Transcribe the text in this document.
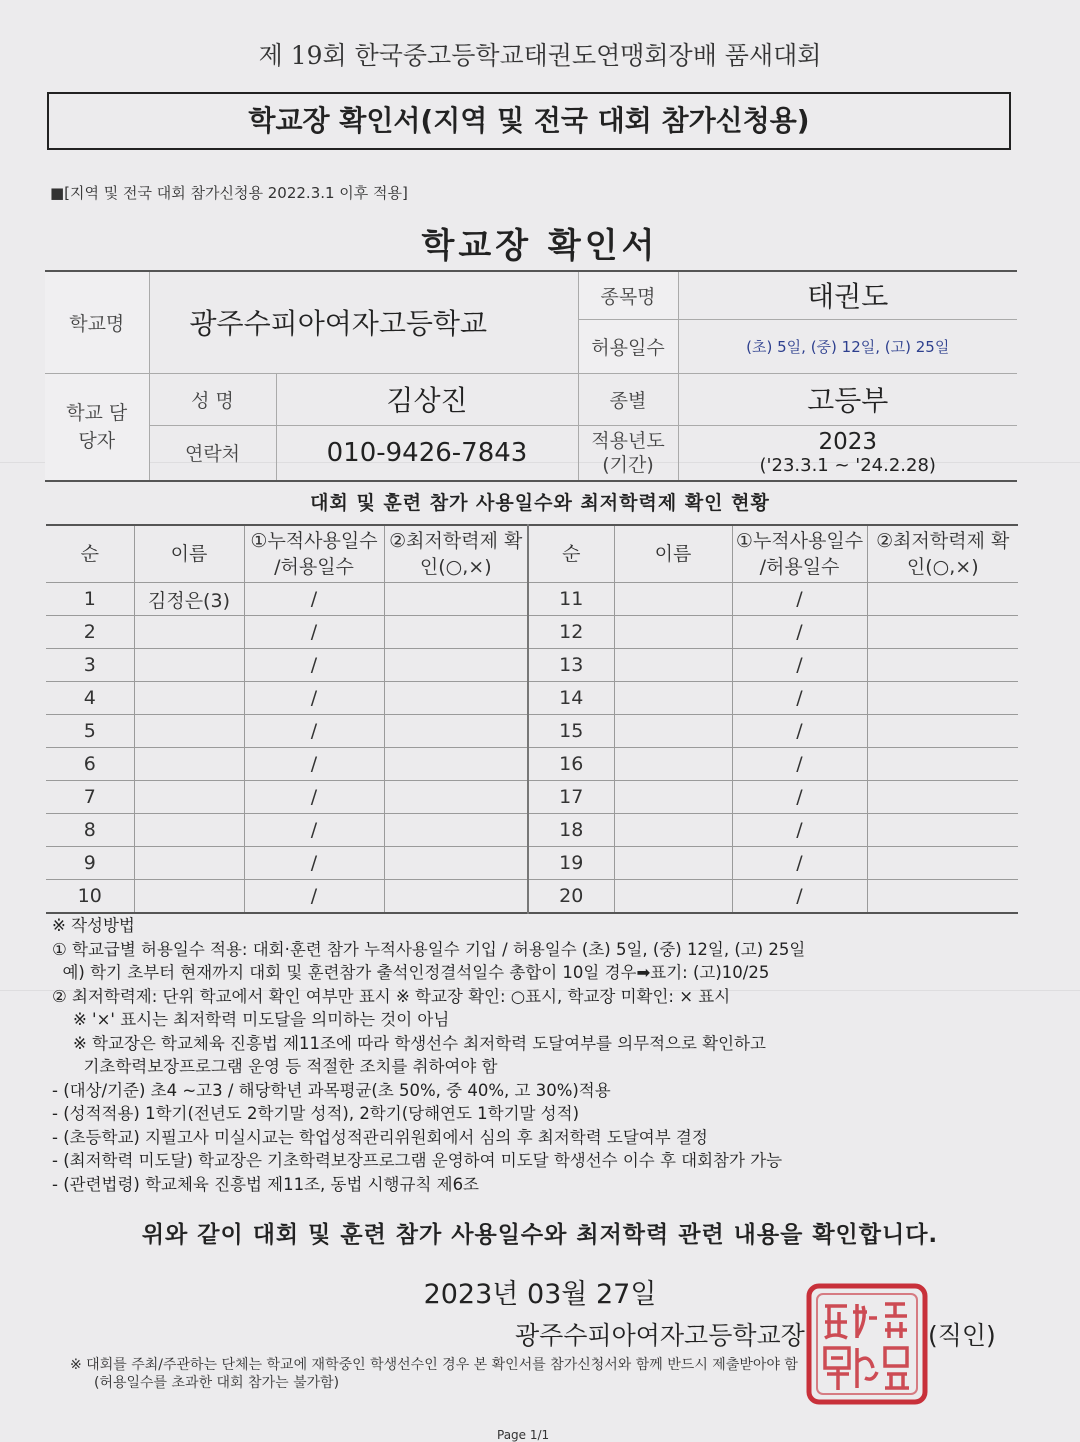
제 19회 한국중고등학교태권도연맹회장배 품새대회
학교장 확인서(지역 및 전국 대회 참가신청용)
■[지역 및 전국 대회 참가신청용 2022.3.1 이후 적용]
학교장 확인서
학교명	광주수피아여자고등학교		종목명	태권도
			허용일수	(초) 5일, (중) 12일, (고) 25일
학교 담당자	성 명	김상진	종별	고등부
	연락처	010-9426-7843	적용년도 (기간)	2023
('23.3.1 ~ '24.2.28)
대회 및 훈련 참가 사용일수와 최저학력제 확인 현황
순	이름	①누적사용일수 /허용일수	②최저학력제 확인(○,×)	순	이름	①누적사용일수 /허용일수	②최저학력제 확인(○,×)
1	김정은(3)	/		11		/	
2		/		12		/	
3		/		13		/	
4		/		14		/	
5		/		15		/	
6		/		16		/	
7		/		17		/	
8		/		18		/	
9		/		19		/	
10		/		20		/	
※ 작성방법
① 학교급별 허용일수 적용: 대회·훈련 참가 누적사용일수 기입 / 허용일수 (초) 5일, (중) 12일, (고) 25일
예) 학기 초부터 현재까지 대회 및 훈련참가 출석인정결석일수 총합이 10일 경우➡표기: (고)10/25
② 최저학력제: 단위 학교에서 확인 여부만 표시 ※ 학교장 확인: ○표시, 학교장 미확인: × 표시
※ '×' 표시는 최저학력 미도달을 의미하는 것이 아님
※ 학교장은 학교체육 진흥법 제11조에 따라 학생선수 최저학력 도달여부를 의무적으로 확인하고
기초학력보장프로그램 운영 등 적절한 조치를 취하여야 함
- (대상/기준) 초4 ~고3 / 해당학년 과목평균(초 50%, 중 40%, 고 30%)적용
- (성적적용) 1학기(전년도 2학기말 성적), 2학기(당해연도 1학기말 성적)
- (초등학교) 지필고사 미실시교는 학업성적관리위원회에서 심의 후 최저학력 도달여부 결정
- (최저학력 미도달) 학교장은 기초학력보장프로그램 운영하여 미도달 학생선수 이수 후 대회참가 가능
- (관련법령) 학교체육 진흥법 제11조, 동법 시행규칙 제6조
위와 같이 대회 및 훈련 참가 사용일수와 최저학력 관련 내용을 확인합니다.
2023년 03월 27일
광주수피아여자고등학교장	(직인)
※ 대회를 주최/주관하는 단체는 학교에 재학중인 학생선수인 경우 본 확인서를 참가신청서와 함께 반드시 제출받아야 함
(허용일수를 초과한 대회 참가는 불가함)
Page 1/1
